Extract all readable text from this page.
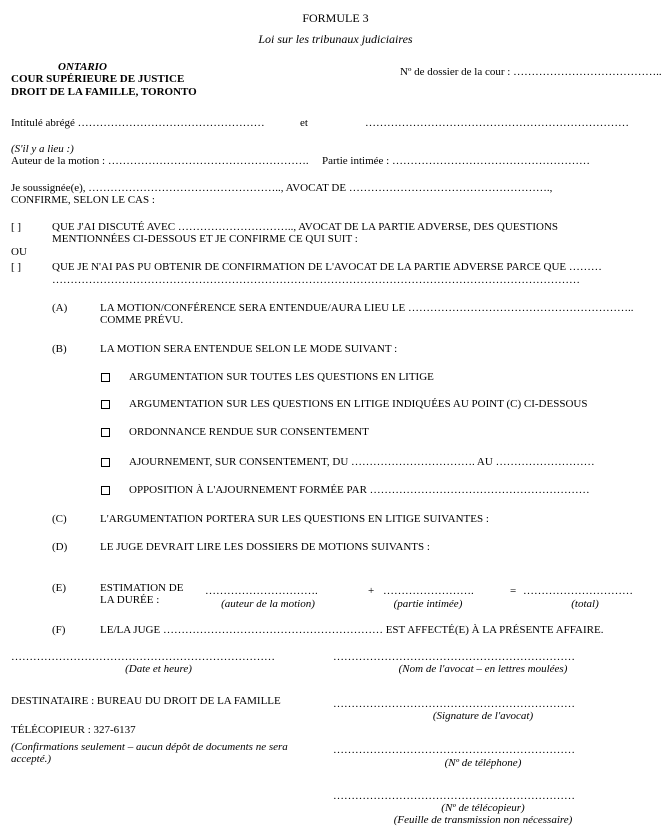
FORMULE 3
Loi sur les tribunaux judiciaires
ONTARIO
COUR SUPÉRIEURE DE JUSTICE
DROIT DE LA FAMILLE, TORONTO
Nº de dossier de la cour : …………………………………..
Intitulé abrégé ……………………………………………	et	………………………………………………………………
(S'il y a lieu :)
Auteur de la motion : ………………………………………………. Partie intimée : ………………………………………………
Je soussignée(e), …………………………………………….., AVOCAT DE ……………………………………………….,
CONFIRME, SELON LE CAS :
[ ]	QUE J'AI DISCUTÉ AVEC ………………………….., AVOCAT DE LA PARTIE ADVERSE, DES QUESTIONS
MENTIONNÉES CI-DESSOUS ET JE CONFIRME CE QUI SUIT :
OU
[ ]	QUE JE N'AI PAS PU OBTENIR DE CONFIRMATION DE L'AVOCAT DE LA PARTIE ADVERSE PARCE QUE ………
………………………………………………………………………………………………………………………………
(A)	LA MOTION/CONFÉRENCE SERA ENTENDUE/AURA LIEU LE ……………………………………………………..
COMME PRÉVU.
(B)	LA MOTION SERA ENTENDUE SELON LE MODE SUIVANT :
ARGUMENTATION SUR TOUTES LES QUESTIONS EN LITIGE
ARGUMENTATION SUR LES QUESTIONS EN LITIGE INDIQUÉES AU POINT (C) CI-DESSOUS
ORDONNANCE RENDUE SUR CONSENTEMENT
AJOURNEMENT, SUR CONSENTEMENT, DU ……………………………. AU ………………………
OPPOSITION À L'AJOURNEMENT FORMÉE PAR ……………………………………………………
(C)	L'ARGUMENTATION PORTERA SUR LES QUESTIONS EN LITIGE SUIVANTES :
(D)	LE JUGE DEVRAIT LIRE LES DOSSIERS DE MOTIONS SUIVANTS :
(E)	ESTIMATION DE
LA DURÉE :
………………………….	+ …………………….	= …………………………
(auteur de la motion)	(partie intimée)	(total)
(F)	LE/LA JUGE …………………………………………………… EST AFFECTÉ(E) À LA PRÉSENTE AFFAIRE.
………………………………………………………………
(Date et heure)
…………………………………………………………
(Nom de l'avocat – en lettres moulées)
DESTINATAIRE : BUREAU DU DROIT DE LA FAMILLE	…………………………………………………………
(Signature de l'avocat)
TÉLÉCOPIEUR : 327-6137
(Confirmations seulement – aucun dépôt de documents ne sera
accepté.)
…………………………………………………………
(Nº de téléphone)
…………………………………………………………
(Nº de télécopieur)
(Feuille de transmission non nécessaire)
